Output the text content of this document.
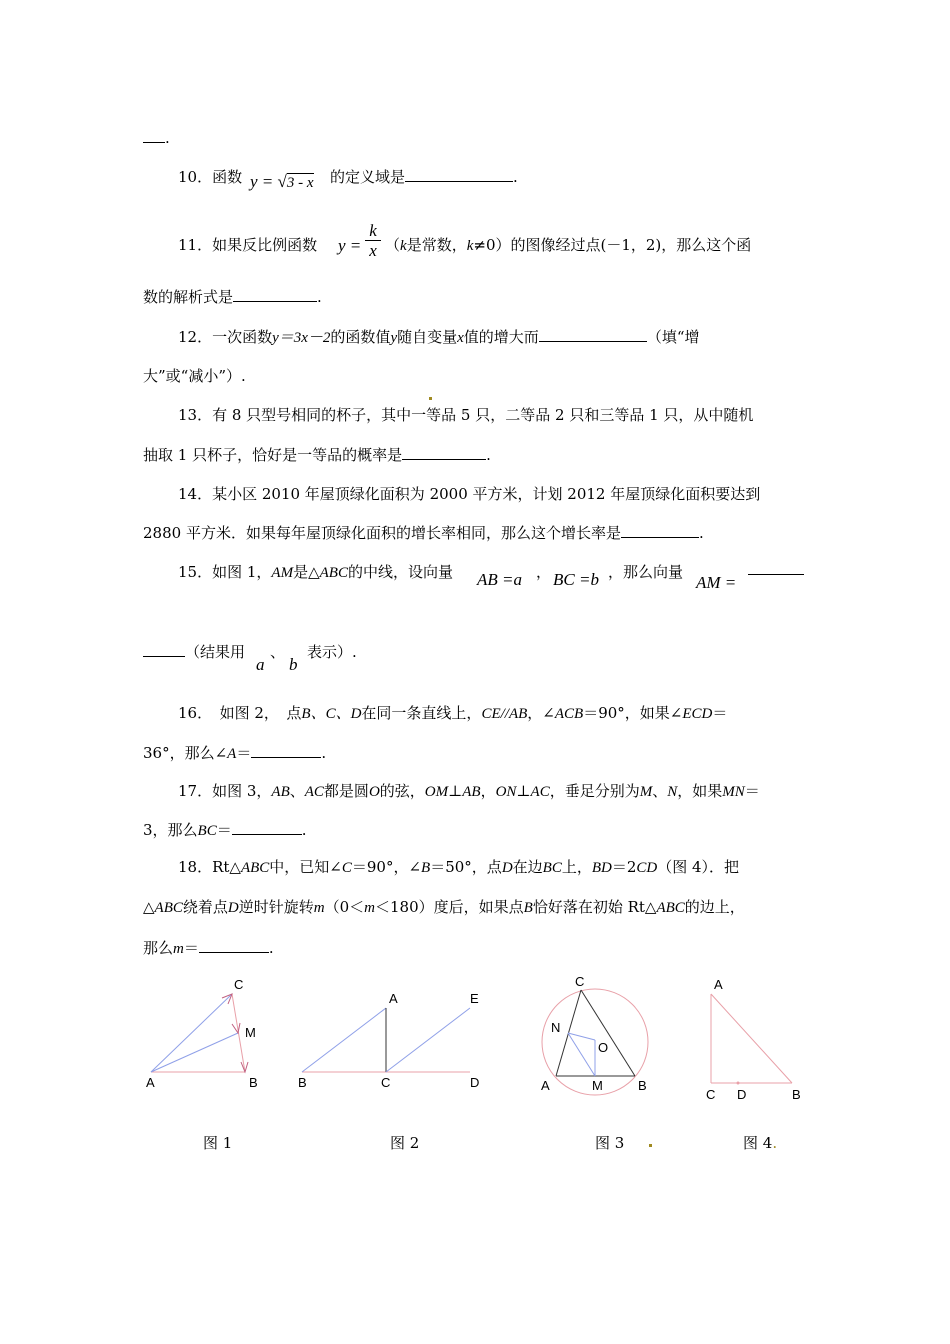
.
10．函数 y = √3 - x 的定义域是	.
11．如果反比例函数 $y = \frac{k}{x} (k$是常数，k≠0）的图像经过点(－1，2)，那么这个函
数的解析式是	.
12．一次函数y＝3x－2的函数值y随自变量x值的增大而	（填“增
大”或“减小”）.
13．有 8 只型号相同的杯子，其中一等品 5 只，二等品 2 只和三等品 1 只，从中随机
抽取 1 只杯子，恰好是一等品的概率是	.
14．某小区 2010 年屋顶绿化面积为 2000 平方米，计划 2012 年屋顶绿化面积要达到
2880 平方米．如果每年屋顶绿化面积的增长率相同，那么这个增长率是	.
15．如图 1，AM是△ABC的中线，设向量 AB =a ， BC =b ，那么向量
AM =
（结果用
a
、
b
表示）.
16．　如图 2，　点B、C、D在同一条直线上，CE//AB，∠ACB＝90°，如果∠ECD＝
36°，那么∠A＝	.
17．如图 3，AB、AC都是圆O的弦，OM⊥AB，ON⊥AC，垂足分别为M、N，如果MN＝
3，那么BC＝	.
18．Rt△ABC中，已知∠C＝90°，∠B＝50°，点D在边BC上，BD＝2CD（图 4）．把
△ABC绕着点D逆时针旋转m（0＜m＜180）度后，如果点B恰好落在初始 Rt△ABC的边上，
那么m＝	.
C
M
A	B
A	E
B	C	D
C
N
O
A	M	B
A
C D	B
图 1	图 2	图 3	图 4.
